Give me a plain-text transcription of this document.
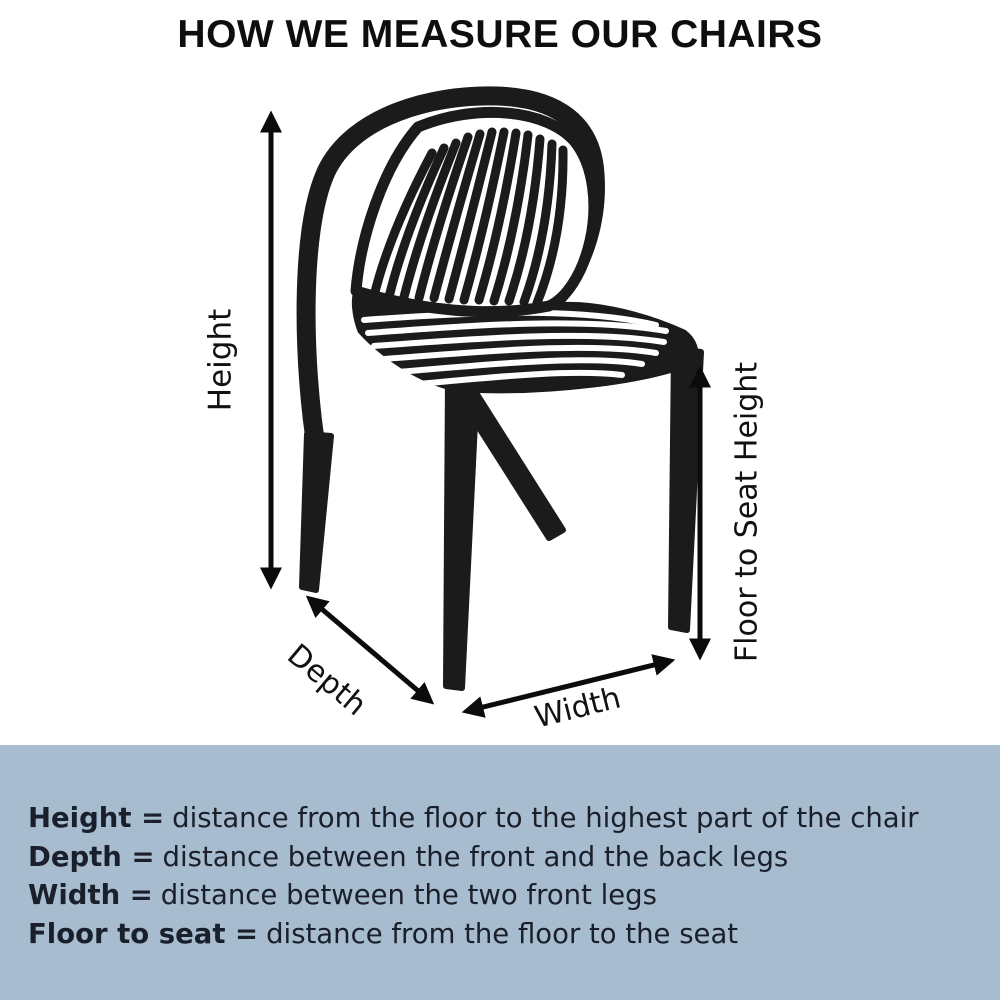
HOW WE MEASURE OUR CHAIRS
Height
Depth	Width
Floor to Seat Height
Height = distance from the floor to the highest part of the chair
Depth = distance between the front and the back legs
Width = distance between the two front legs
Floor to seat = distance from the floor to the seat
